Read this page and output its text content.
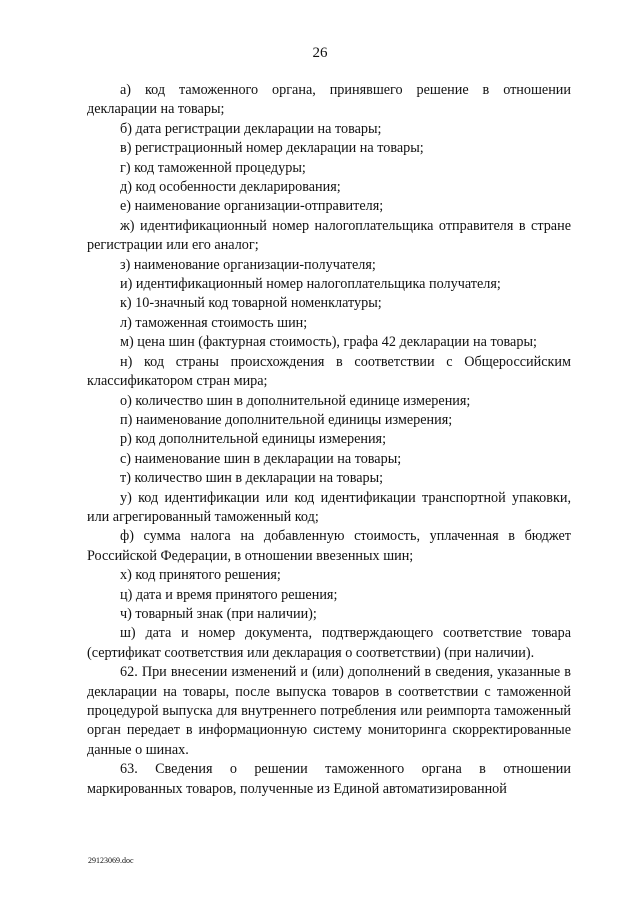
26

а) код таможенного органа, принявшего решение в отношении декларации на товары;

б) дата регистрации декларации на товары;

в) регистрационный номер декларации на товары;

г) код таможенной процедуры;

д) код особенности декларирования;

е) наименование организации-отправителя;

ж) идентификационный номер налогоплательщика отправителя в стране регистрации или его аналог;

з) наименование организации-получателя;

и) идентификационный номер налогоплательщика получателя;

к) 10-значный код товарной номенклатуры;

л) таможенная стоимость шин;

м) цена шин (фактурная стоимость), графа 42 декларации на товары;

н) код страны происхождения в соответствии с Общероссийским классификатором стран мира;

о) количество шин в дополнительной единице измерения;

п) наименование дополнительной единицы измерения;

р) код дополнительной единицы измерения;

с) наименование шин в декларации на товары;

т) количество шин в декларации на товары;

у) код идентификации или код идентификации транспортной упаковки, или агрегированный таможенный код;

ф) сумма налога на добавленную стоимость, уплаченная в бюджет Российской Федерации, в отношении ввезенных шин;

х) код принятого решения;

ц) дата и время принятого решения;

ч) товарный знак (при наличии);

ш) дата и номер документа, подтверждающего соответствие товара (сертификат соответствия или декларация о соответствии) (при наличии).

62. При внесении изменений и (или) дополнений в сведения, указанные в декларации на товары, после выпуска товаров в соответствии с таможенной процедурой выпуска для внутреннего потребления или реимпорта таможенный орган передает в информационную систему мониторинга скорректированные данные о шинах.

63. Сведения о решении таможенного органа в отношении маркированных товаров, полученные из Единой автоматизированной

29123069.doc
